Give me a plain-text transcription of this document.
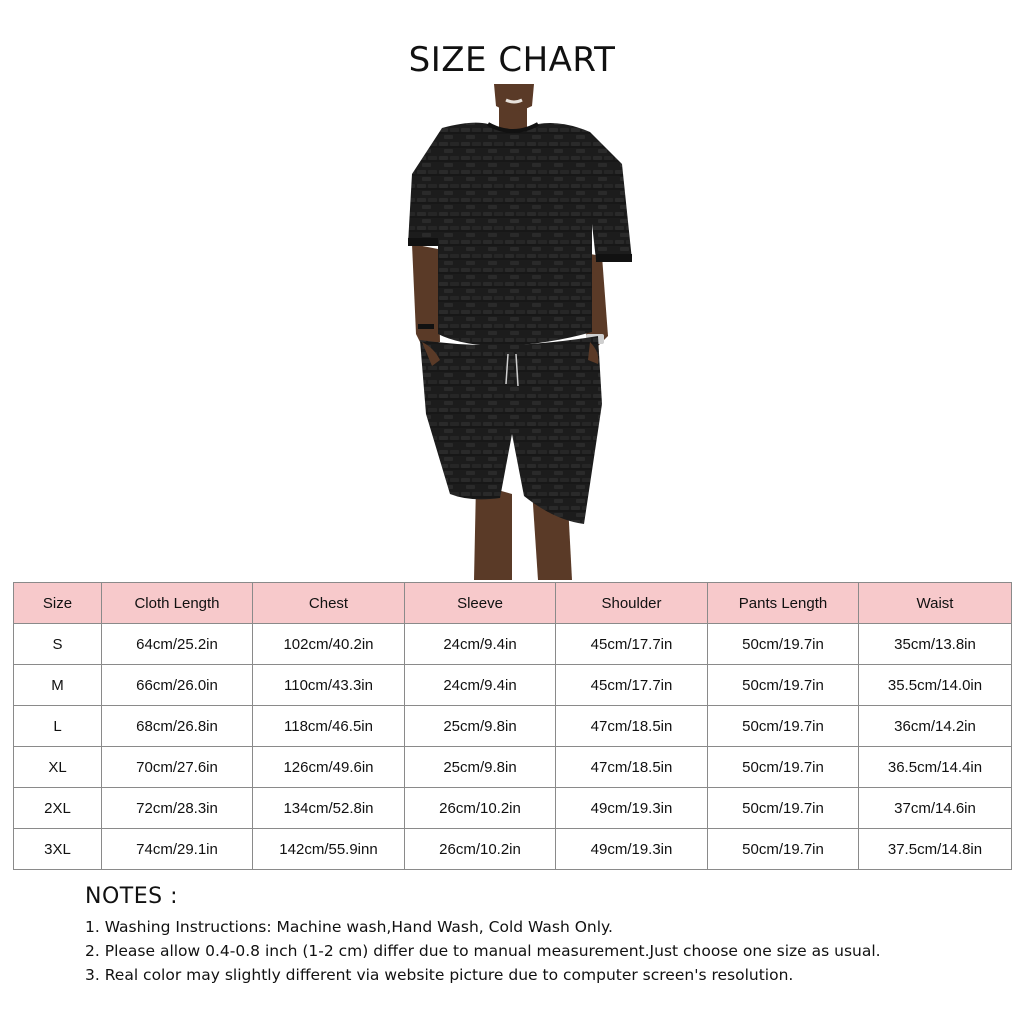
SIZE CHART
Size	Cloth Length	Chest	Sleeve	Shoulder	Pants Length	Waist
S	64cm/25.2in	102cm/40.2in	24cm/9.4in	45cm/17.7in	50cm/19.7in	35cm/13.8in
M	66cm/26.0in	110cm/43.3in	24cm/9.4in	45cm/17.7in	50cm/19.7in	35.5cm/14.0in
L	68cm/26.8in	118cm/46.5in	25cm/9.8in	47cm/18.5in	50cm/19.7in	36cm/14.2in
XL	70cm/27.6in	126cm/49.6in	25cm/9.8in	47cm/18.5in	50cm/19.7in	36.5cm/14.4in
2XL	72cm/28.3in	134cm/52.8in	26cm/10.2in	49cm/19.3in	50cm/19.7in	37cm/14.6in
3XL	74cm/29.1in	142cm/55.9inn	26cm/10.2in	49cm/19.3in	50cm/19.7in	37.5cm/14.8in
NOTES :
1. Washing Instructions: Machine wash,Hand Wash, Cold Wash Only.
2. Please allow 0.4-0.8 inch (1-2 cm) differ due to manual measurement.Just choose one size as usual.
3. Real color may slightly different via website picture due to computer screen's resolution.
